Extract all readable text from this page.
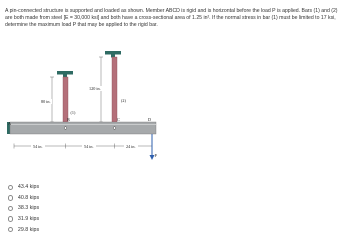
A pin-connected structure is supported and loaded as shown. Member ABCD is rigid and is horizontal before the load P is applied. Bars (1) and (2) are both made from steel [E = 30,000 ksi] and both have a cross-sectional area of 1.25 in². If the normal stress in bar (1) must be limited to 17 ksi, determine the maximum load P that may be applied to the rigid bar.

80 in.
120 in.
(1)
(2)
A
B	C	D
54 in.	54 in.	24 in.
P
43.4 kips
40.8 kips
38.3 kips
31.9 kips
29.8 kips
